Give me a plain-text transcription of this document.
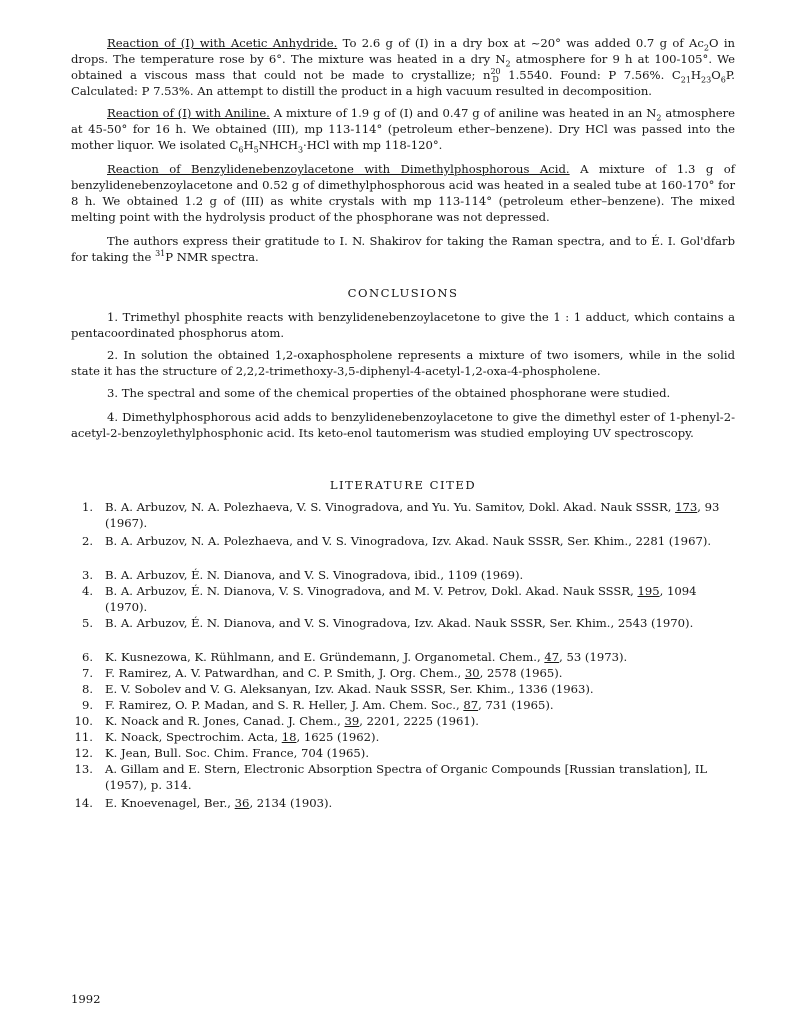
Reaction of (I) with Acetic Anhydride. To 2.6 g of (I) in a dry box at ~20° was added 0.7 g of $Ac_2O$ in drops. The temperature rose by 6°. The mixture was heated in a dry $N_2$ atmosphere for 9 h at 100-105°. We obtained a viscous mass that could not be made to crystallize; n 20
D 1.5540. Found: P 7.56%. $C_{21}H_{23}O_6P$. Calculated: P 7.53%. An attempt to distill the product in a high vacuum resulted in decomposition.

Reaction of (I) with Aniline. A mixture of 1.9 g of (I) and 0.47 g of aniline was heated in an $N_2$ atmosphere at 45-50° for 16 h. We obtained (III), mp 113-114° (petroleum ether–benzene). Dry HCl was passed into the mother liquor. We isolated $C_6H_5NHCH_3\cdot HCl$ with mp 118-120°.

Reaction of Benzylidenebenzoylacetone with Dimethylphosphorous Acid. A mixture of 1.3 g of benzylidenebenzoylacetone and 0.52 g of dimethylphosphorous acid was heated in a sealed tube at 160-170° for 8 h. We obtained 1.2 g of (III) as white crystals with mp 113-114° (petroleum ether–benzene). The mixed melting point with the hydrolysis product of the phosphorane was not depressed.

The authors express their gratitude to I. N. Shakirov for taking the Raman spectra, and to É. I. Gol'dfarb for taking the $^{31}$P NMR spectra.

CONCLUSIONS

1. Trimethyl phosphite reacts with benzylidenebenzoylacetone to give the 1 : 1 adduct, which contains a pentacoordinated phosphorus atom.

2. In solution the obtained 1,2-oxaphospholene represents a mixture of two isomers, while in the solid state it has the structure of 2,2,2-trimethoxy-3,5-diphenyl-4-acetyl-1,2-oxa-4-phospholene.

3. The spectral and some of the chemical properties of the obtained phosphorane were studied.

4. Dimethylphosphorous acid adds to benzylidenebenzoylacetone to give the dimethyl ester of 1-phenyl-2-acetyl-2-benzoylethylphosphonic acid. Its keto-enol tautomerism was studied employing UV spectroscopy.

LITERATURE CITED

1. B. A. Arbuzov, N. A. Polezhaeva, V. S. Vinogradova, and Yu. Yu. Samitov, Dokl. Akad. Nauk SSSR, 173, 93 (1967).
2. B. A. Arbuzov, N. A. Polezhaeva, and V. S. Vinogradova, Izv. Akad. Nauk SSSR, Ser. Khim., 2281 (1967).
3. B. A. Arbuzov, É. N. Dianova, and V. S. Vinogradova, ibid., 1109 (1969).
4. B. A. Arbuzov, É. N. Dianova, V. S. Vinogradova, and M. V. Petrov, Dokl. Akad. Nauk SSSR, 195, 1094 (1970).
5. B. A. Arbuzov, É. N. Dianova, and V. S. Vinogradova, Izv. Akad. Nauk SSSR, Ser. Khim., 2543 (1970).
6. K. Kusnezowa, K. Rühlmann, and E. Gründemann, J. Organometal. Chem., 47, 53 (1973).
7. F. Ramirez, A. V. Patwardhan, and C. P. Smith, J. Org. Chem., 30, 2578 (1965).
8. E. V. Sobolev and V. G. Aleksanyan, Izv. Akad. Nauk SSSR, Ser. Khim., 1336 (1963).
9. F. Ramirez, O. P. Madan, and S. R. Heller, J. Am. Chem. Soc., 87, 731 (1965).
10. K. Noack and R. Jones, Canad. J. Chem., 39, 2201, 2225 (1961).
11. K. Noack, Spectrochim. Acta, 18, 1625 (1962).
12. K. Jean, Bull. Soc. Chim. France, 704 (1965).
13. A. Gillam and E. Stern, Electronic Absorption Spectra of Organic Compounds [Russian translation], IL (1957), p. 314.
14. E. Knoevenagel, Ber., 36, 2134 (1903).
1992
